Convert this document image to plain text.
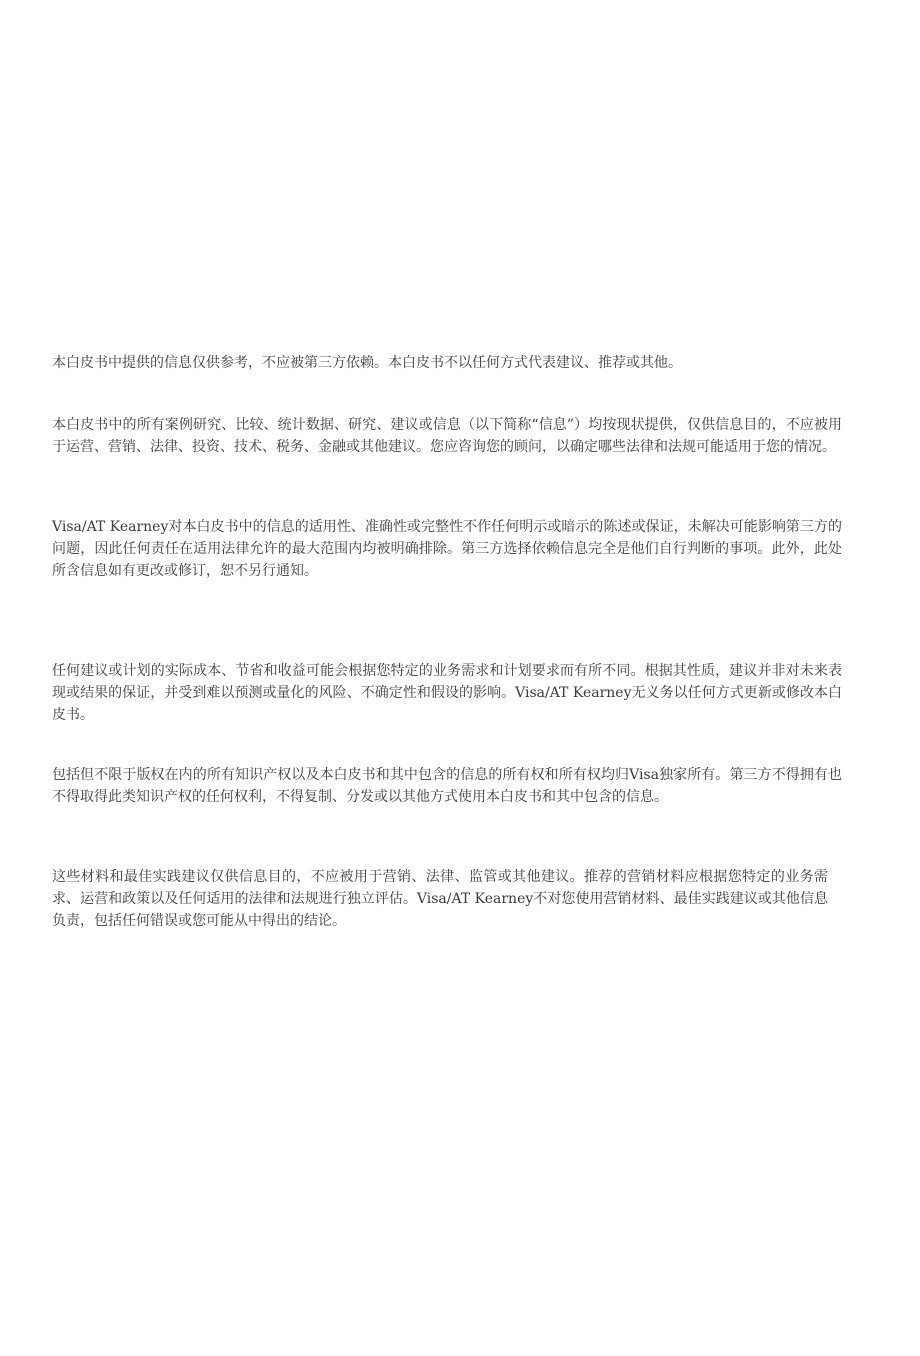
本白皮书中提供的信息仅供参考，不应被第三方依赖。本白皮书不以任何方式代表建议、推荐或其他。

本白皮书中的所有案例研究、比较、统计数据、研究、建议或信息（以下简称“信息”）均按现状提供，仅供信息目的，不应被用于运营、营销、法律、投资、技术、税务、金融或其他建议。您应咨询您的顾问，以确定哪些法律和法规可能适用于您的情况。

Visa/AT Kearney对本白皮书中的信息的适用性、准确性或完整性不作任何明示或暗示的陈述或保证，未解决可能影响第三方的问题，因此任何责任在适用法律允许的最大范围内均被明确排除。第三方选择依赖信息完全是他们自行判断的事项。此外，此处所含信息如有更改或修订，恕不另行通知。

任何建议或计划的实际成本、节省和收益可能会根据您特定的业务需求和计划要求而有所不同。根据其性质，建议并非对未来表现或结果的保证，并受到难以预测或量化的风险、不确定性和假设的影响。Visa/AT Kearney无义务以任何方式更新或修改本白皮书。

包括但不限于版权在内的所有知识产权以及本白皮书和其中包含的信息的所有权和所有权均归Visa独家所有。第三方不得拥有也不得取得此类知识产权的任何权利，不得复制、分发或以其他方式使用本白皮书和其中包含的信息。

这些材料和最佳实践建议仅供信息目的，不应被用于营销、法律、监管或其他建议。推荐的营销材料应根据您特定的业务需求、运营和政策以及任何适用的法律和法规进行独立评估。Visa/AT Kearney不对您使用营销材料、最佳实践建议或其他信息负责，包括任何错误或您可能从中得出的结论。
